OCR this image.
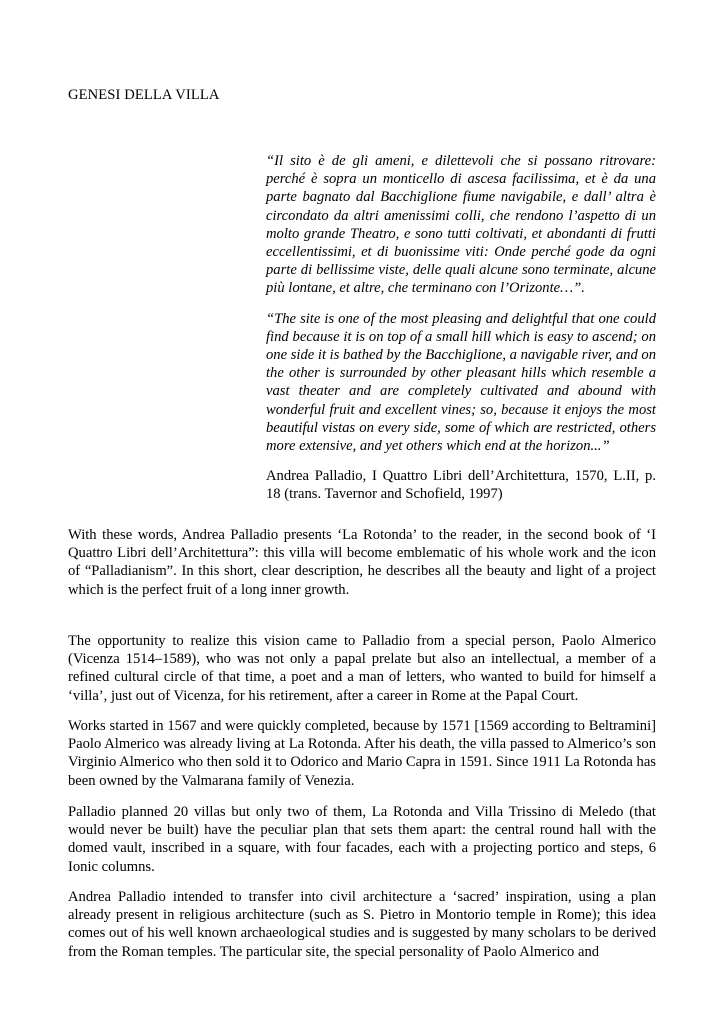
GENESI DELLA VILLA

“Il sito è de gli ameni, e dilettevoli che si possano ritrovare: perché è sopra un monticello di ascesa facilissima, et è da una parte bagnato dal Bacchiglione fiume navigabile, e dall’ altra è circondato da altri amenissimi colli, che rendono l’aspetto di un molto grande Theatro, e sono tutti coltivati, et abondanti di frutti eccellentissimi, et di buonissime viti: Onde perché gode da ogni parte di bellissime viste, delle quali alcune sono terminate, alcune più lontane, et altre, che terminano con l’Orizonte…”.

“The site is one of the most pleasing and delightful that one could find because it is on top of a small hill which is easy to ascend; on one side it is bathed by the Bacchiglione, a navigable river, and on the other is surrounded by other pleasant hills which resemble a vast theater and are completely cultivated and abound with wonderful fruit and excellent vines; so, because it enjoys the most beautiful vistas on every side, some of which are restricted, others more extensive, and yet others which end at the horizon...”

Andrea Palladio, I Quattro Libri dell’Architettura, 1570, L.II, p. 18 (trans. Tavernor and Schofield, 1997)

With these words, Andrea Palladio presents ‘La Rotonda’ to the reader, in the second book of ‘I Quattro Libri dell’Architettura”: this villa will become emblematic of his whole work and the icon of “Palladianism”. In this short, clear description, he describes all the beauty and light of a project which is the perfect fruit of a long inner growth.

The opportunity to realize this vision came to Palladio from a special person, Paolo Almerico (Vicenza 1514–1589), who was not only a papal prelate but also an intellectual, a member of a refined cultural circle of that time, a poet and a man of letters, who wanted to build for himself a ‘villa’, just out of Vicenza, for his retirement, after a career in Rome at the Papal Court.

Works started in 1567 and were quickly completed, because by 1571 [1569 according to Beltramini] Paolo Almerico was already living at La Rotonda. After his death, the villa passed to Almerico’s son Virginio Almerico who then sold it to Odorico and Mario Capra in 1591. Since 1911 La Rotonda has been owned by the Valmarana family of Venezia.

Palladio planned 20 villas but only two of them, La Rotonda and Villa Trissino di Meledo (that would never be built) have the peculiar plan that sets them apart: the central round hall with the domed vault, inscribed in a square, with four facades, each with a projecting portico and steps, 6 Ionic columns.

Andrea Palladio intended to transfer into civil architecture a ‘sacred’ inspiration, using a plan already present in religious architecture (such as S. Pietro in Montorio temple in Rome); this idea comes out of his well known archaeological studies and is suggested by many scholars to be derived from the Roman temples. The particular site, the special personality of Paolo Almerico and
